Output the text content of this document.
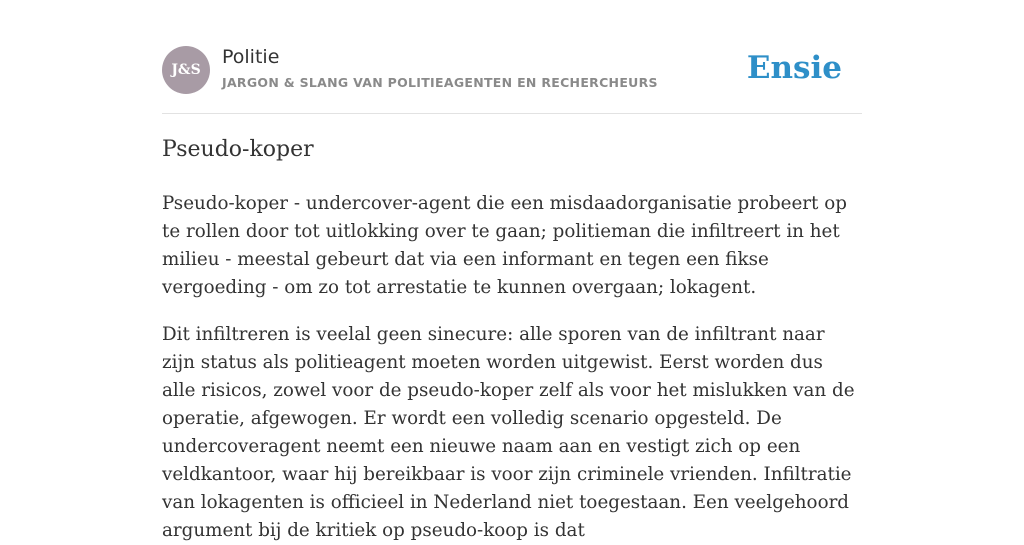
J&S
Politie
JARGON & SLANG VAN POLITIEAGENTEN EN RECHERCHEURS	Ensie
Pseudo-koper

Pseudo-koper - undercover-agent die een misdaadorganisatie probeert op te rollen door tot uitlokking over te gaan; politieman die infiltreert in het milieu - meestal gebeurt dat via een informant en tegen een fikse vergoeding - om zo tot arrestatie te kunnen overgaan; lokagent.

Dit infiltreren is veelal geen sinecure: alle sporen van de infiltrant naar zijn status als politieagent moeten worden uitgewist. Eerst worden dus alle risicos, zowel voor de pseudo-koper zelf als voor het mislukken van de operatie, afgewogen. Er wordt een volledig scenario opgesteld. De undercoveragent neemt een nieuwe naam aan en vestigt zich op een veldkantoor, waar hij bereikbaar is voor zijn criminele vrienden. Infiltratie van lokagenten is officieel in Nederland niet toegestaan. Een veelgehoord argument bij de kritiek op pseudo-koop is dat
